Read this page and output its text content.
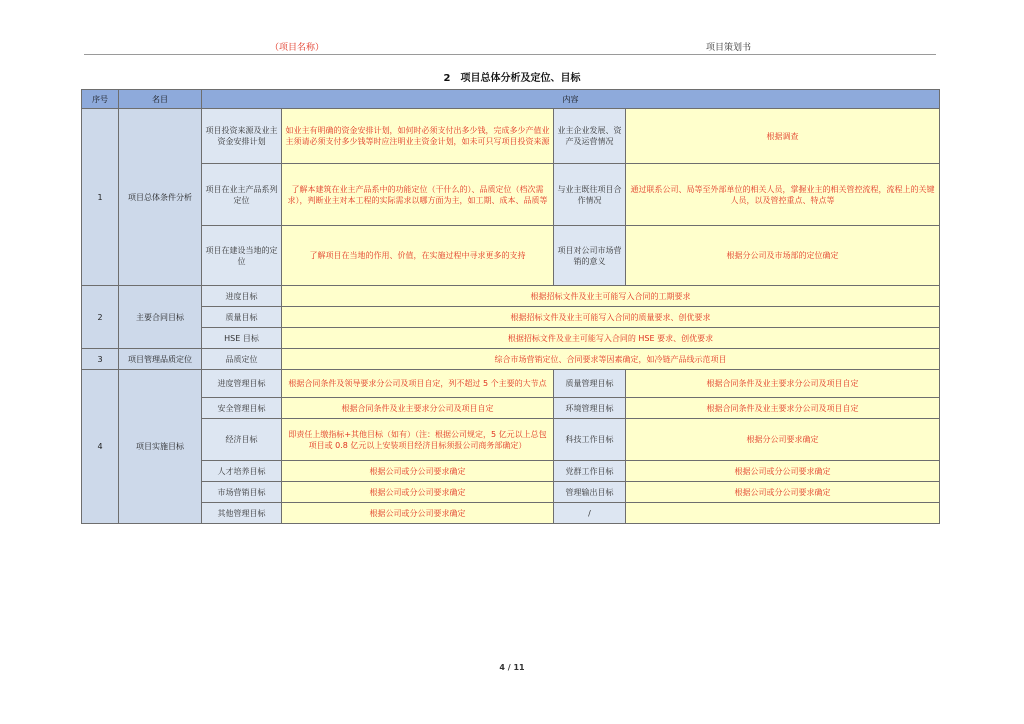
（项目名称）	项目策划书
2 项目总体分析及定位、目标
序号	名目	内容			
1	项目总体条件分析	项目投资来源及业主资金安排计划	如业主有明确的资金安排计划，如何时必须支付出多少钱，完成多少产值业主须请必须支付多少钱等时应注明业主资金计划，如未可只写项目投资来源	业主企业发展、资产及运营情况	根据调查
		项目在业主产品系列定位	了解本建筑在业主产品系中的功能定位（干什么的）、品质定位（档次需求），判断业主对本工程的实际需求以哪方面为主，如工期、成本、品质等	与业主既往项目合作情况	通过联系公司、局等至外部单位的相关人员，掌握业主的相关管控流程，流程上的关键人员，以及管控重点、特点等
		项目在建设当地的定位	了解项目在当地的作用、价值，在实施过程中寻求更多的支持	项目对公司市场营销的意义	根据分公司及市场部的定位确定
2	主要合同目标	进度目标	根据招标文件及业主可能写入合同的工期要求		
		质量目标	根据招标文件及业主可能写入合同的质量要求、创优要求		
		HSE 目标	根据招标文件及业主可能写入合同的 HSE 要求、创优要求		
3	项目管理品质定位	品质定位	综合市场营销定位、合同要求等因素确定，如冷链产品线示范项目		
4	项目实施目标	进度管理目标	根据合同条件及领导要求分公司及项目自定，列不超过 5 个主要的大节点	质量管理目标	根据合同条件及业主要求分公司及项目自定
		安全管理目标	根据合同条件及业主要求分公司及项目自定	环境管理目标	根据合同条件及业主要求分公司及项目自定
		经济目标	即责任上缴指标+其他目标（如有）（注：根据公司规定，5 亿元以上总包项目或 0.8 亿元以上安装项目经济目标须报公司商务部确定）	科技工作目标	根据分公司要求确定
		人才培养目标	根据公司或分公司要求确定	党群工作目标	根据公司或分公司要求确定
		市场营销目标	根据公司或分公司要求确定	管理输出目标	根据公司或分公司要求确定
		其他管理目标	根据公司或分公司要求确定	/	
4 / 11
